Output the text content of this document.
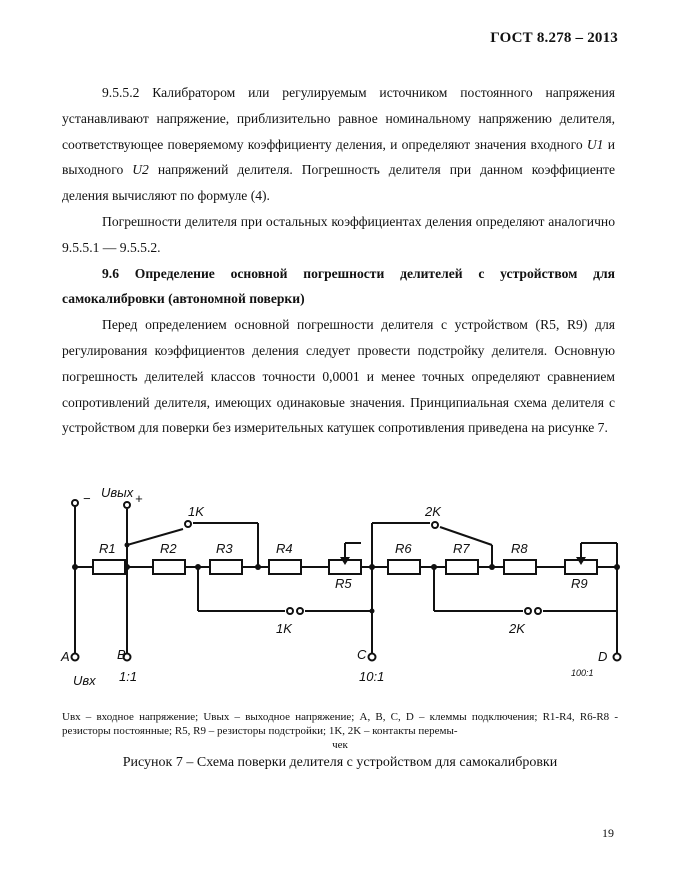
ГОСТ 8.278 – 2013

9.5.5.2 Калибратором или регулируемым источником постоянного напряжения устанавливают напряжение, приблизительно равное номинальному напряжению делителя, соответствующее поверяемому коэффициенту деления, и определяют значения входного U1 и выходного U2 напряжений делителя. Погрешность делителя при данном коэффициенте деления вычисляют по формуле (4).

Погрешности делителя при остальных коэффициентах деления определяют аналогично 9.5.5.1 — 9.5.5.2.

9.6 Определение основной погрешности делителей с устройством для самокалибровки (автономной поверки)

Перед определением основной погрешности делителя с устройством (R5, R9) для регулирования коэффициентов деления следует провести подстройку делителя. Основную погрешность делителей классов точности 0,0001 и менее точных определяют сравнением сопротивлений делителя, имеющих одинаковые значения. Принципиальная схема делителя с устройством для поверки без измерительных катушек сопротивления приведена на рисунке 7.

− Uвых +
1K	2K
R1	R2	R3	R4
R5
R6	R7	R8
R9
1K	2K
A	B	C	D
Uвх 1:1	10:1	100:1
Uвх – входное напряжение; Uвых – выходное напряжение; A, B, C, D – клеммы подключения; R1-R4, R6-R8 - резисторы постоянные; R5, R9 – резисторы подстройки; 1K, 2K – контакты перемы-
чек
Рисунок 7 – Схема поверки делителя с устройством для самокалибровки
19
